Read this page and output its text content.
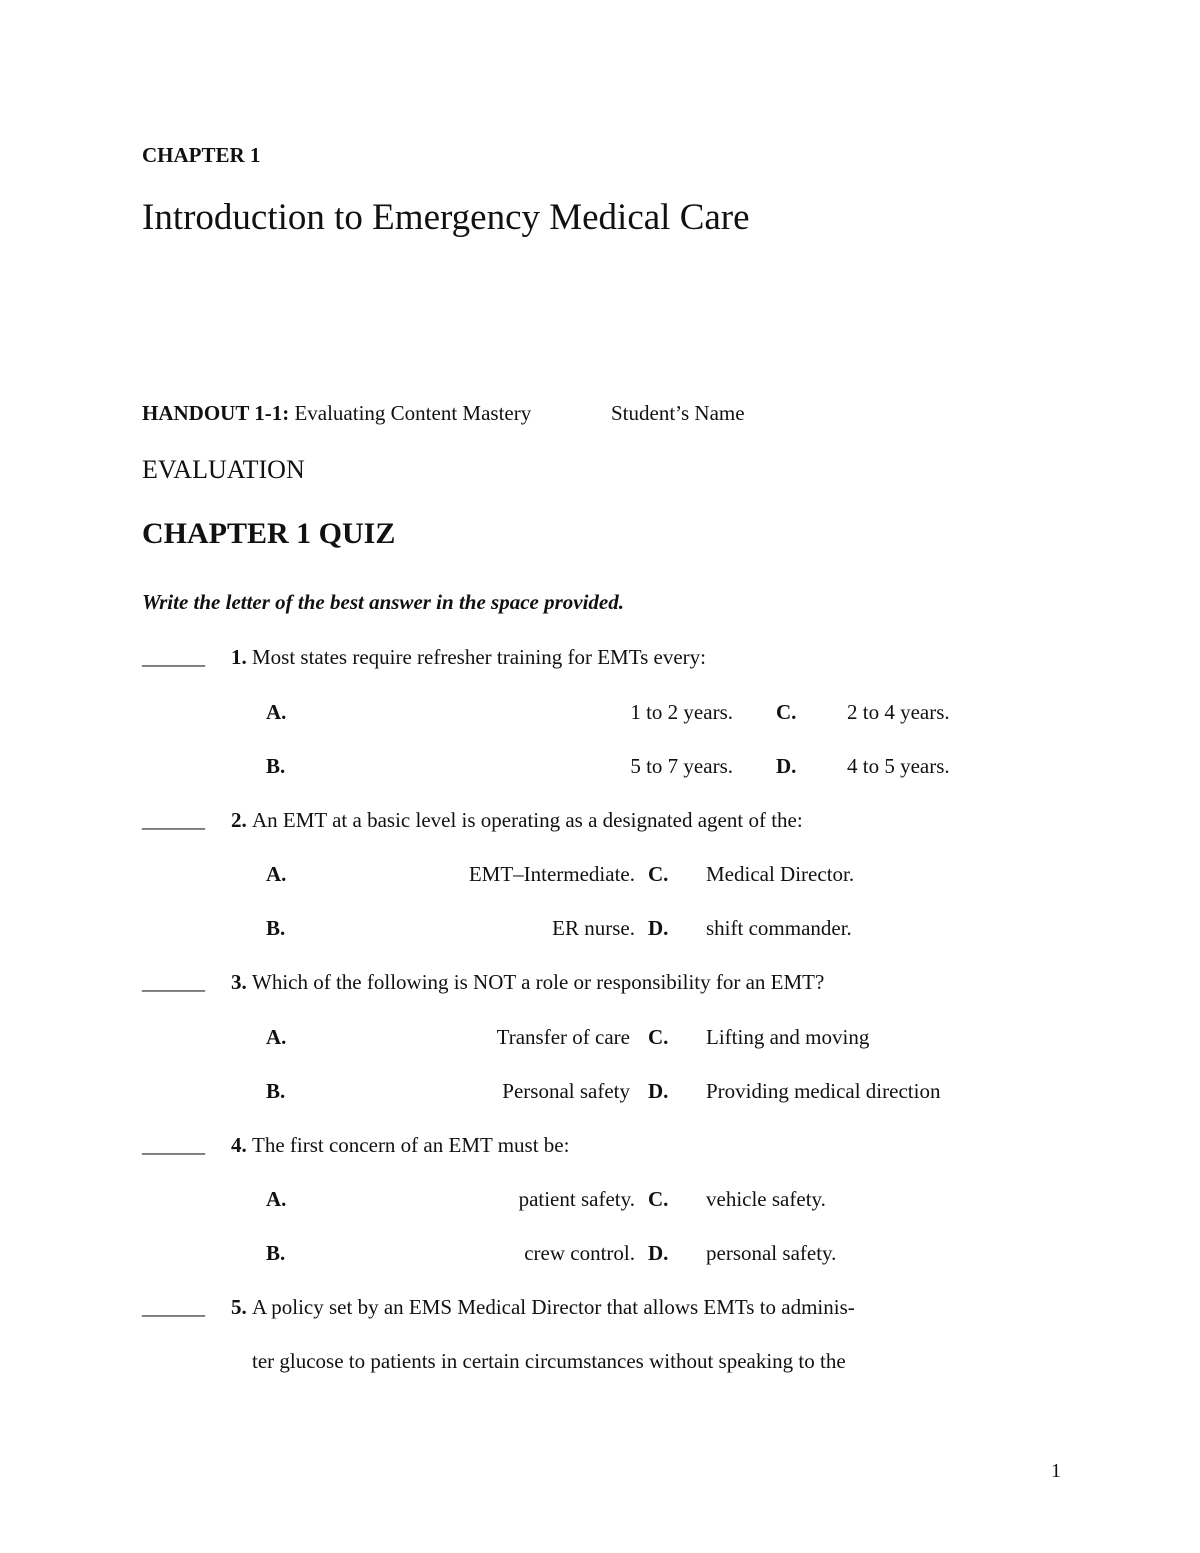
CHAPTER 1
Introduction to Emergency Medical Care
HANDOUT 1-1: Evaluating Content Mastery	Student’s Name
EVALUATION
CHAPTER 1 QUIZ
Write the letter of the best answer in the space provided.
______ 1. Most states require refresher training for EMTs every:
A.	1 to 2 years. C. 2 to 4 years.
B.	5 to 7 years. D. 4 to 5 years.
______ 2. An EMT at a basic level is operating as a designated agent of the:
A.	EMT–Intermediate. C. Medical Director.
B.	ER nurse. D. shift commander.
______ 3. Which of the following is NOT a role or responsibility for an EMT?
A.	Transfer of care C. Lifting and moving
B.	Personal safety D. Providing medical direction
______ 4. The first concern of an EMT must be:
A.	patient safety. C. vehicle safety.
B.	crew control. D. personal safety.
______ 5. A policy set by an EMS Medical Director that allows EMTs to adminis-
ter glucose to patients in certain circumstances without speaking to the
1
